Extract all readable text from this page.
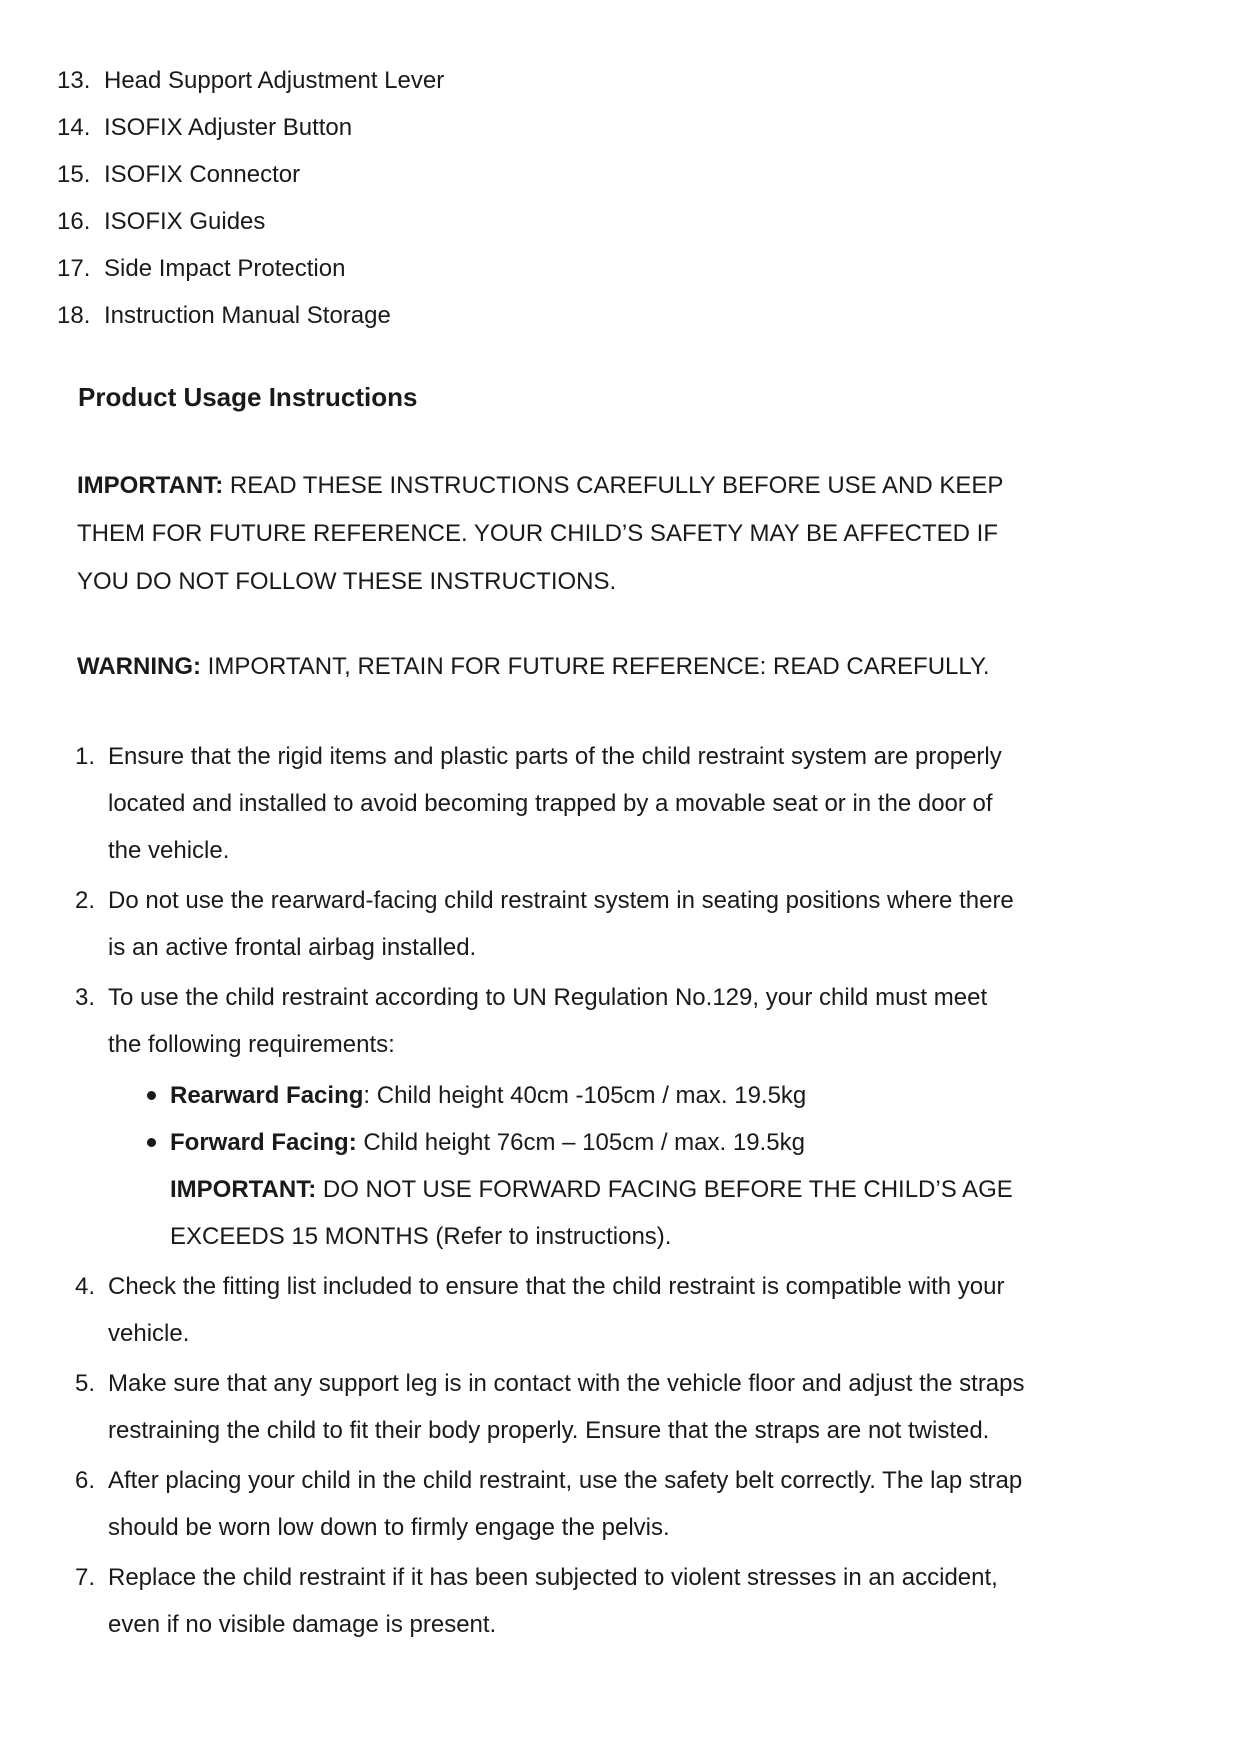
13. Head Support Adjustment Lever
14. ISOFIX Adjuster Button
15. ISOFIX Connector
16. ISOFIX Guides
17. Side Impact Protection
18. Instruction Manual Storage
Product Usage Instructions

IMPORTANT: READ THESE INSTRUCTIONS CAREFULLY BEFORE USE AND KEEP THEM FOR FUTURE REFERENCE. YOUR CHILD’S SAFETY MAY BE AFFECTED IF YOU DO NOT FOLLOW THESE INSTRUCTIONS.

WARNING: IMPORTANT, RETAIN FOR FUTURE REFERENCE: READ CAREFULLY.

1. Ensure that the rigid items and plastic parts of the child restraint system are properly located and installed to avoid becoming trapped by a movable seat or in the door of the vehicle.
2. Do not use the rearward-facing child restraint system in seating positions where there is an active frontal airbag installed.
3. To use the child restraint according to UN Regulation No.129, your child must meet the following requirements:
Rearward Facing: Child height 40cm -105cm / max. 19.5kg
Forward Facing: Child height 76cm – 105cm / max. 19.5kg
IMPORTANT: DO NOT USE FORWARD FACING BEFORE THE CHILD’S AGE EXCEEDS 15 MONTHS (Refer to instructions).
4. Check the fitting list included to ensure that the child restraint is compatible with your vehicle.
5. Make sure that any support leg is in contact with the vehicle floor and adjust the straps restraining the child to fit their body properly. Ensure that the straps are not twisted.
6. After placing your child in the child restraint, use the safety belt correctly. The lap strap should be worn low down to firmly engage the pelvis.
7. Replace the child restraint if it has been subjected to violent stresses in an accident, even if no visible damage is present.
